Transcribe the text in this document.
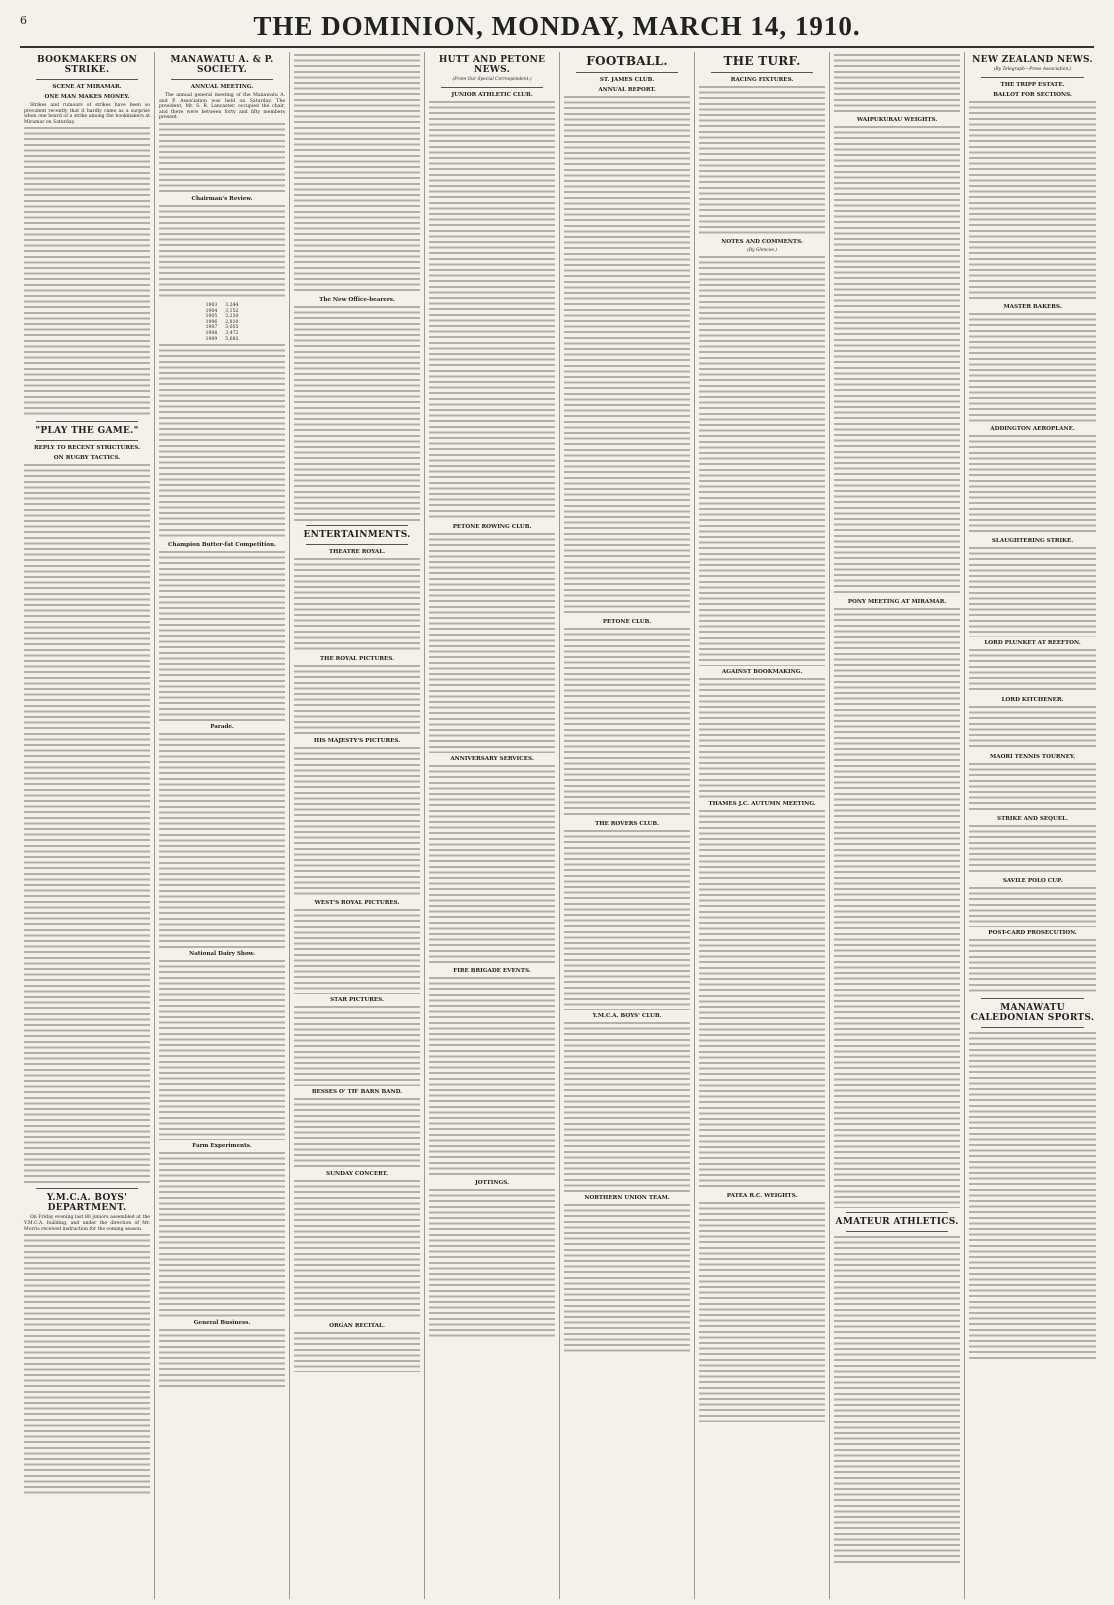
6	THE DOMINION, MONDAY, MARCH 14, 1910.
BOOKMAKERS ON STRIKE.
SCENE AT MIRAMAR.
ONE MAN MAKES MONEY.

Strikes and rumours of strikes have been so prevalent recently that it hardly came as a surprise when one heard of a strike among the bookmakers at Miramar on Saturday.

"PLAY THE GAME."
REPLY TO RECENT STRICTURES.
ON RUGBY TACTICS.
Y.M.C.A. BOYS' DEPARTMENT.

On Friday evening last 80 juniors assembled at the Y.M.C.A. building, and under the direction of Mr. Morris received instruction for the coming season.

MANAWATU A. & P. SOCIETY.
ANNUAL MEETING.

The annual general meeting of the Manawatu A. and P. Association was held on Saturday. The president, Mr. S. R. Lancaster, occupied the chair, and there were between forty and fifty members present.

Chairman's Review.
1903	3,244
1904	3,152
1905	3,230
1906	2,810
1907	3,055
1908	3,472
1909	5,683
Champion Butter-fat Competition.
Parade.
National Dairy Show.
Farm Experiments.
General Business.
The New Office-bearers.
ENTERTAINMENTS.
THEATRE ROYAL.
THE ROYAL PICTURES.
HIS MAJESTY'S PICTURES.
WEST'S ROYAL PICTURES.
STAR PICTURES.
BESSES O' TH' BARN BAND.
SUNDAY CONCERT.
ORGAN RECITAL.
HUTT AND PETONE NEWS.
(From Our Special Correspondent.)
JUNIOR ATHLETIC CLUB.
PETONE ROWING CLUB.
ANNIVERSARY SERVICES.
FIRE BRIGADE EVENTS.
JOTTINGS.
FOOTBALL.
ST. JAMES CLUB.
ANNUAL REPORT.
PETONE CLUB.
THE ROVERS CLUB.
Y.M.C.A. BOYS' CLUB.
NORTHERN UNION TEAM.
THE TURF.
RACING FIXTURES.
NOTES AND COMMENTS.
(By Glencoe.)
AGAINST BOOKMAKING.
THAMES J.C. AUTUMN MEETING.
PATEA R.C. WEIGHTS.
WAIPUKURAU WEIGHTS.
PONY MEETING AT MIRAMAR.
AMATEUR ATHLETICS.
NEW ZEALAND NEWS.
(By Telegraph—Press Association.)
THE TRIPP ESTATE.
BALLOT FOR SECTIONS.
MASTER BAKERS.
ADDINGTON AEROPLANE.
SLAUGHTERING STRIKE.
LORD PLUNKET AT REEFTON.
LORD KITCHENER.
MAORI TENNIS TOURNEY.
STRIKE AND SEQUEL.
SAVILE POLO CUP.
POST-CARD PROSECUTION.
MANAWATU CALEDONIAN SPORTS.
